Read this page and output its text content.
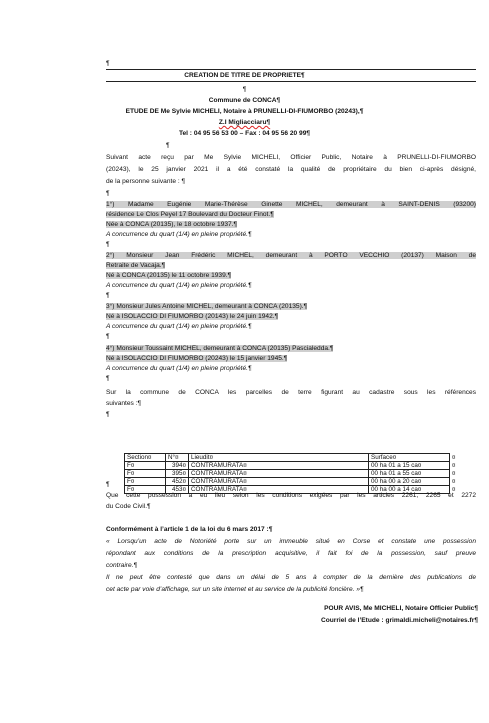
¶
CREATION DE TITRE DE PROPRIETE¶
¶
Commune de CONCA¶
ETUDE DE Me Sylvie MICHELI, Notaire à PRUNELLI-DI-FIUMORBO (20243),¶
Z.I Migliacciaru¶
Tel : 04 95 56 53 00 – Fax : 04 95 56 20 99¶
¶
Suivant acte reçu par Me Sylvie MICHELI, Officier Public, Notaire à PRUNELLI-DI-FIUMORBO
(20243), le 25 janvier 2021 il a été constaté la qualité de propriétaire du bien ci-après désigné,
de la personne suivante : ¶
¶
1°) Madame Eugénie Marie-Thérèse Ginette MICHEL, demeurant à SAINT-DENIS (93200)
résidence Le Clos Peyel 17 Boulevard du Docteur Finot.¶
Née à CONCA (20135), le 18 octobre 1937.¶
A concurrence du quart (1/4) en pleine propriété.¶
¶
2°) Monsieur Jean Frédéric MICHEL, demeurant à PORTO VECCHIO (20137) Maison de
Retraite de Vacaja.¶
Né à CONCA (20135) le 11 octobre 1939.¶
A concurrence du quart (1/4) en pleine propriété.¶
¶
3°) Monsieur Jules Antoine MICHEL, demeurant à CONCA (20135).¶
Né à ISOLACCIO DI FIUMORBO (20143) le 24 juin 1942.¶
A concurrence du quart (1/4) en pleine propriété.¶
¶
4°) Monsieur Toussaint MICHEL, demeurant à CONCA (20135) Pascialedda.¶
Né à ISOLACCIO DI FIUMORBO (20243) le 15 janvier 1945.¶
A concurrence du quart (1/4) en pleine propriété.¶
¶
Sur la commune de CONCA les parcelles de terre figurant au cadastre sous les références
suivantes :¶
¶
Section¤	N°¤	Lieudit¤	Surface¤	¤
F¤	394¤	CONTRAMURATA¤	00 ha 01 a 15 ca¤	¤
F¤	395¤	CONTRAMURATA¤	00 ha 01 a 55 ca¤	¤
F¤	452¤	CONTRAMURATA¤	00 ha 00 a 20 ca¤	¤
F¤	453¤	CONTRAMURATA¤	00 ha 00 a 14 ca¤	¤
¶
Que cette possession a eu lieu selon les conditions exigées par les articles 2261, 2265 et 2272
du Code Civil.¶
Conformément à l’article 1 de la loi du 6 mars 2017 :¶
« Lorsqu’un acte de Notoriété porte sur un immeuble situé en Corse et constate une possession
répondant aux conditions de la prescription acquisitive, il fait foi de la possession, sauf preuve
contraire.¶
Il ne peut être contesté que dans un délai de 5 ans à compter de la dernière des publications de
cet acte par voie d’affichage, sur un site internet et au service de la publicité foncière. »¶
POUR AVIS, Me MICHELI, Notaire Officier Public¶
Courriel de l’Etude : grimaldi.micheli@notaires.fr¶
